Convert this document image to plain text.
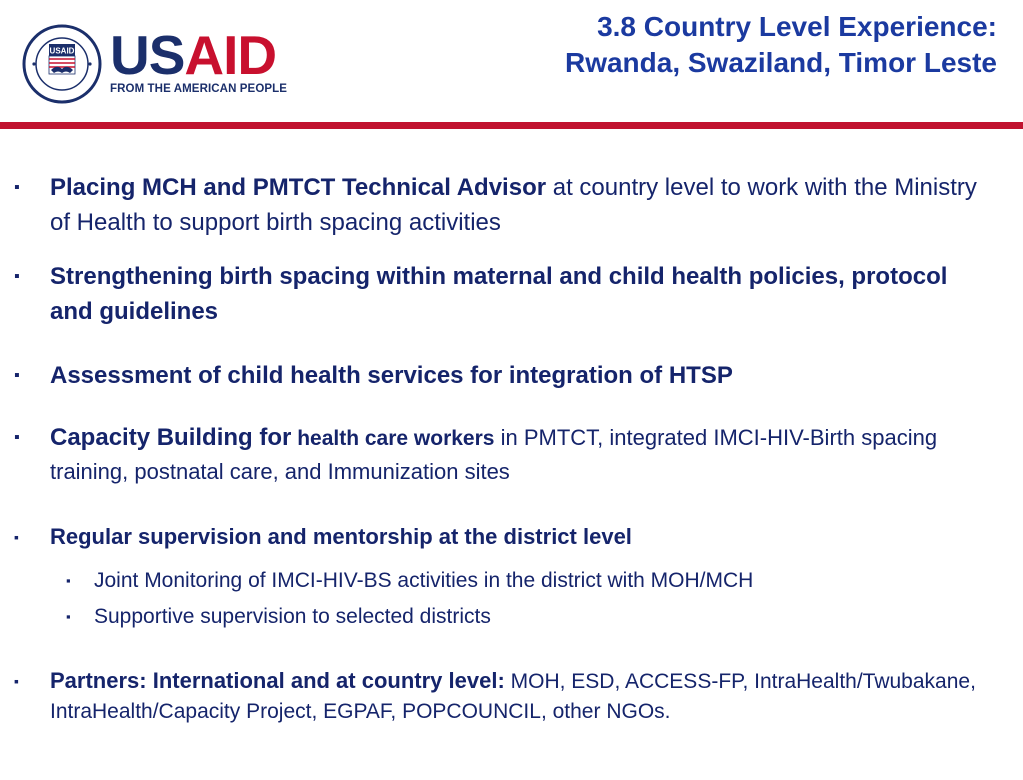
USAID USAID
FROM THE AMERICAN PEOPLE
3.8 Country Level Experience:
Rwanda, Swaziland, Timor Leste
▪ Placing MCH and PMTCT Technical Advisor at country level to work with the Ministry of Health to support birth spacing activities
▪ Strengthening birth spacing within maternal and child health policies, protocol and guidelines
▪ Assessment of child health services for integration of HTSP
▪ Capacity Building for health care workers in PMTCT, integrated IMCI-HIV-Birth spacing training, postnatal care, and Immunization sites
▪ Regular supervision and mentorship at the district level
▪ Joint Monitoring of IMCI-HIV-BS activities in the district with MOH/MCH
▪ Supportive supervision to selected districts
▪ Partners: International and at country level: MOH, ESD, ACCESS-FP, IntraHealth/Twubakane, IntraHealth/Capacity Project, EGPAF, POPCOUNCIL, other NGOs.
